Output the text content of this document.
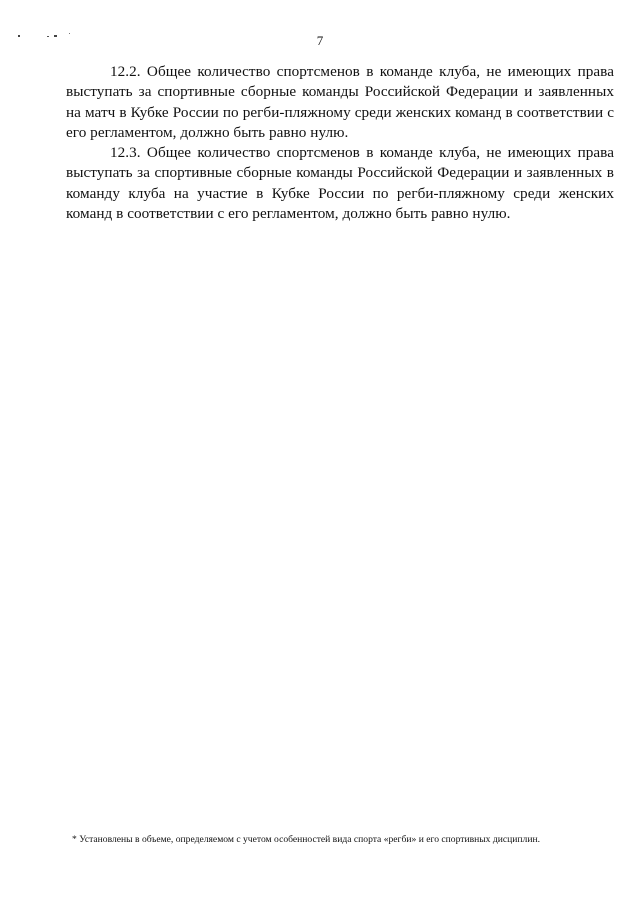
7

12.2. Общее количество спортсменов в команде клуба, не имеющих права выступать за спортивные сборные команды Российской Федерации и заявленных на матч в Кубке России по регби-пляжному среди женских команд в соответствии с его регламентом, должно быть равно нулю.

12.3. Общее количество спортсменов в команде клуба, не имеющих права выступать за спортивные сборные команды Российской Федерации и заявленных в команду клуба на участие в Кубке России по регби-пляжному среди женских команд в соответствии с его регламентом, должно быть равно нулю.

* Установлены в объеме, определяемом с учетом особенностей вида спорта «регби» и его спортивных дисциплин.
